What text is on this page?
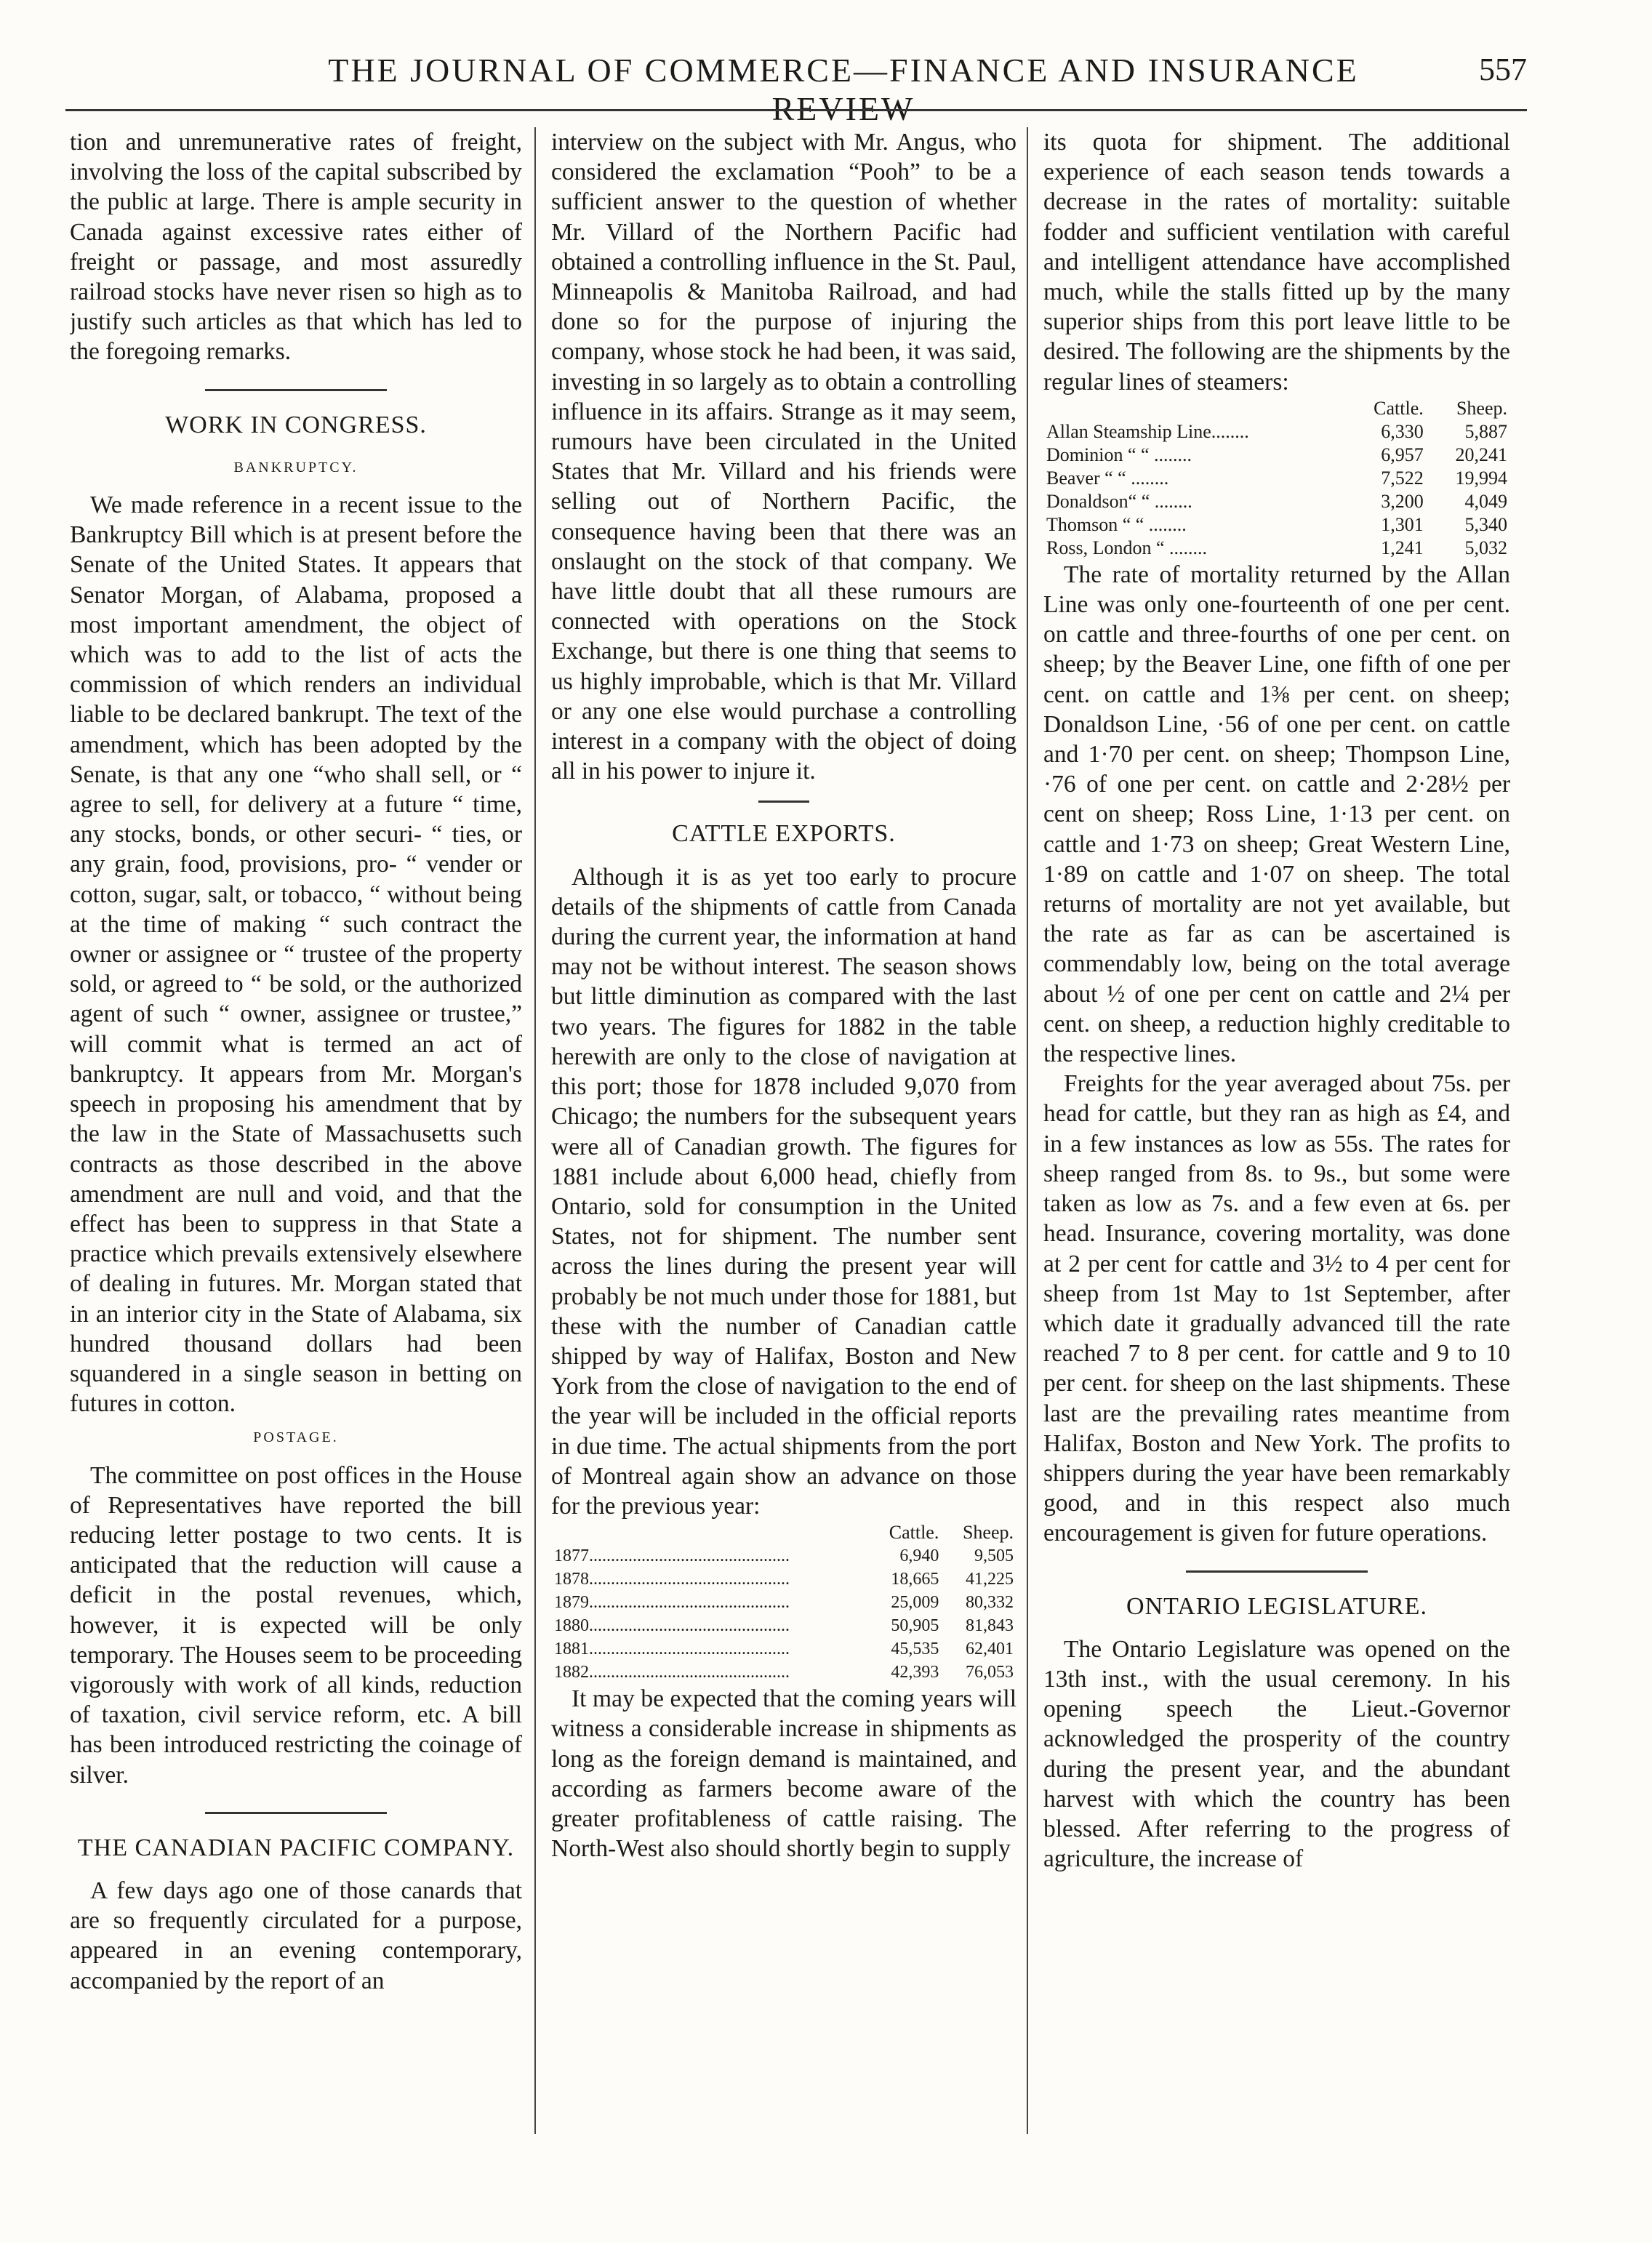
THE JOURNAL OF COMMERCE—FINANCE AND INSURANCE REVIEW
557

tion and unremunerative rates of freight, involving the loss of the capital subscribed by the public at large. There is ample security in Canada against excessive rates either of freight or passage, and most assuredly railroad stocks have never risen so high as to justify such articles as that which has led to the foregoing remarks.

WORK IN CONGRESS.
BANKRUPTCY.

We made reference in a recent issue to the Bankruptcy Bill which is at present before the Senate of the United States. It appears that Senator Morgan, of Alabama, proposed a most important amendment, the object of which was to add to the list of acts the commission of which renders an individual liable to be declared bankrupt. The text of the amendment, which has been adopted by the Senate, is that any one “who shall sell, or “ agree to sell, for delivery at a future “ time, any stocks, bonds, or other securi- “ ties, or any grain, food, provisions, pro- “ vender or cotton, sugar, salt, or tobacco, “ without being at the time of making “ such contract the owner or assignee or “ trustee of the property sold, or agreed to “ be sold, or the authorized agent of such “ owner, assignee or trustee,” will commit what is termed an act of bankruptcy. It appears from Mr. Morgan's speech in proposing his amendment that by the law in the State of Massachusetts such contracts as those described in the above amendment are null and void, and that the effect has been to suppress in that State a practice which prevails extensively elsewhere of dealing in futures. Mr. Morgan stated that in an interior city in the State of Alabama, six hundred thousand dollars had been squandered in a single season in betting on futures in cotton.

POSTAGE.

The committee on post offices in the House of Representatives have reported the bill reducing letter postage to two cents. It is anticipated that the reduction will cause a deficit in the postal revenues, which, however, it is expected will be only temporary. The Houses seem to be proceeding vigorously with work of all kinds, reduction of taxation, civil service reform, etc. A bill has been introduced restricting the coinage of silver.

THE CANADIAN PACIFIC COMPANY.

A few days ago one of those canards that are so frequently circulated for a purpose, appeared in an evening contemporary, accompanied by the report of an

interview on the subject with Mr. Angus, who considered the exclamation “Pooh” to be a sufficient answer to the question of whether Mr. Villard of the Northern Pacific had obtained a controlling influence in the St. Paul, Minneapolis & Manitoba Railroad, and had done so for the purpose of injuring the company, whose stock he had been, it was said, investing in so largely as to obtain a controlling influence in its affairs. Strange as it may seem, rumours have been circulated in the United States that Mr. Villard and his friends were selling out of Northern Pacific, the consequence having been that there was an onslaught on the stock of that company. We have little doubt that all these rumours are connected with operations on the Stock Exchange, but there is one thing that seems to us highly improbable, which is that Mr. Villard or any one else would purchase a controlling interest in a company with the object of doing all in his power to injure it.

CATTLE EXPORTS.

Although it is as yet too early to procure details of the shipments of cattle from Canada during the current year, the information at hand may not be without interest. The season shows but little diminution as compared with the last two years. The figures for 1882 in the table herewith are only to the close of navigation at this port; those for 1878 included 9,070 from Chicago; the numbers for the subsequent years were all of Canadian growth. The figures for 1881 include about 6,000 head, chiefly from Ontario, sold for consumption in the United States, not for shipment. The number sent across the lines during the present year will probably be not much under those for 1881, but these with the number of Canadian cattle shipped by way of Halifax, Boston and New York from the close of navigation to the end of the year will be included in the official reports in due time. The actual shipments from the port of Montreal again show an advance on those for the previous year:

	Cattle.	Sheep.
1877..............................................	6,940	9,505
1878..............................................	18,665	41,225
1879..............................................	25,009	80,332
1880..............................................	50,905	81,843
1881..............................................	45,535	62,401
1882..............................................	42,393	76,053

It may be expected that the coming years will witness a considerable increase in shipments as long as the foreign demand is maintained, and according as farmers become aware of the greater profitableness of cattle raising. The North-West also should shortly begin to supply

its quota for shipment. The additional experience of each season tends towards a decrease in the rates of mortality: suitable fodder and sufficient ventilation with careful and intelligent attendance have accomplished much, while the stalls fitted up by the many superior ships from this port leave little to be desired. The following are the shipments by the regular lines of steamers:

	Cattle.	Sheep.
Allan Steamship Line........	6,330	5,887
Dominion “ “ ........	6,957	20,241
Beaver “ “ ........	7,522	19,994
Donaldson“ “ ........	3,200	4,049
Thomson “ “ ........	1,301	5,340
Ross, London “ ........	1,241	5,032

The rate of mortality returned by the Allan Line was only one-fourteenth of one per cent. on cattle and three-fourths of one per cent. on sheep; by the Beaver Line, one fifth of one per cent. on cattle and 1⅜ per cent. on sheep; Donaldson Line, ·56 of one per cent. on cattle and 1·70 per cent. on sheep; Thompson Line, ·76 of one per cent. on cattle and 2·28½ per cent on sheep; Ross Line, 1·13 per cent. on cattle and 1·73 on sheep; Great Western Line, 1·89 on cattle and 1·07 on sheep. The total returns of mortality are not yet available, but the rate as far as can be ascertained is commendably low, being on the total average about ½ of one per cent on cattle and 2¼ per cent. on sheep, a reduction highly creditable to the respective lines.

Freights for the year averaged about 75s. per head for cattle, but they ran as high as £4, and in a few instances as low as 55s. The rates for sheep ranged from 8s. to 9s., but some were taken as low as 7s. and a few even at 6s. per head. Insurance, covering mortality, was done at 2 per cent for cattle and 3½ to 4 per cent for sheep from 1st May to 1st September, after which date it gradually advanced till the rate reached 7 to 8 per cent. for cattle and 9 to 10 per cent. for sheep on the last shipments. These last are the prevailing rates meantime from Halifax, Boston and New York. The profits to shippers during the year have been remarkably good, and in this respect also much encouragement is given for future operations.

ONTARIO LEGISLATURE.

The Ontario Legislature was opened on the 13th inst., with the usual ceremony. In his opening speech the Lieut.-Governor acknowledged the prosperity of the country during the present year, and the abundant harvest with which the country has been blessed. After referring to the progress of agriculture, the increase of
